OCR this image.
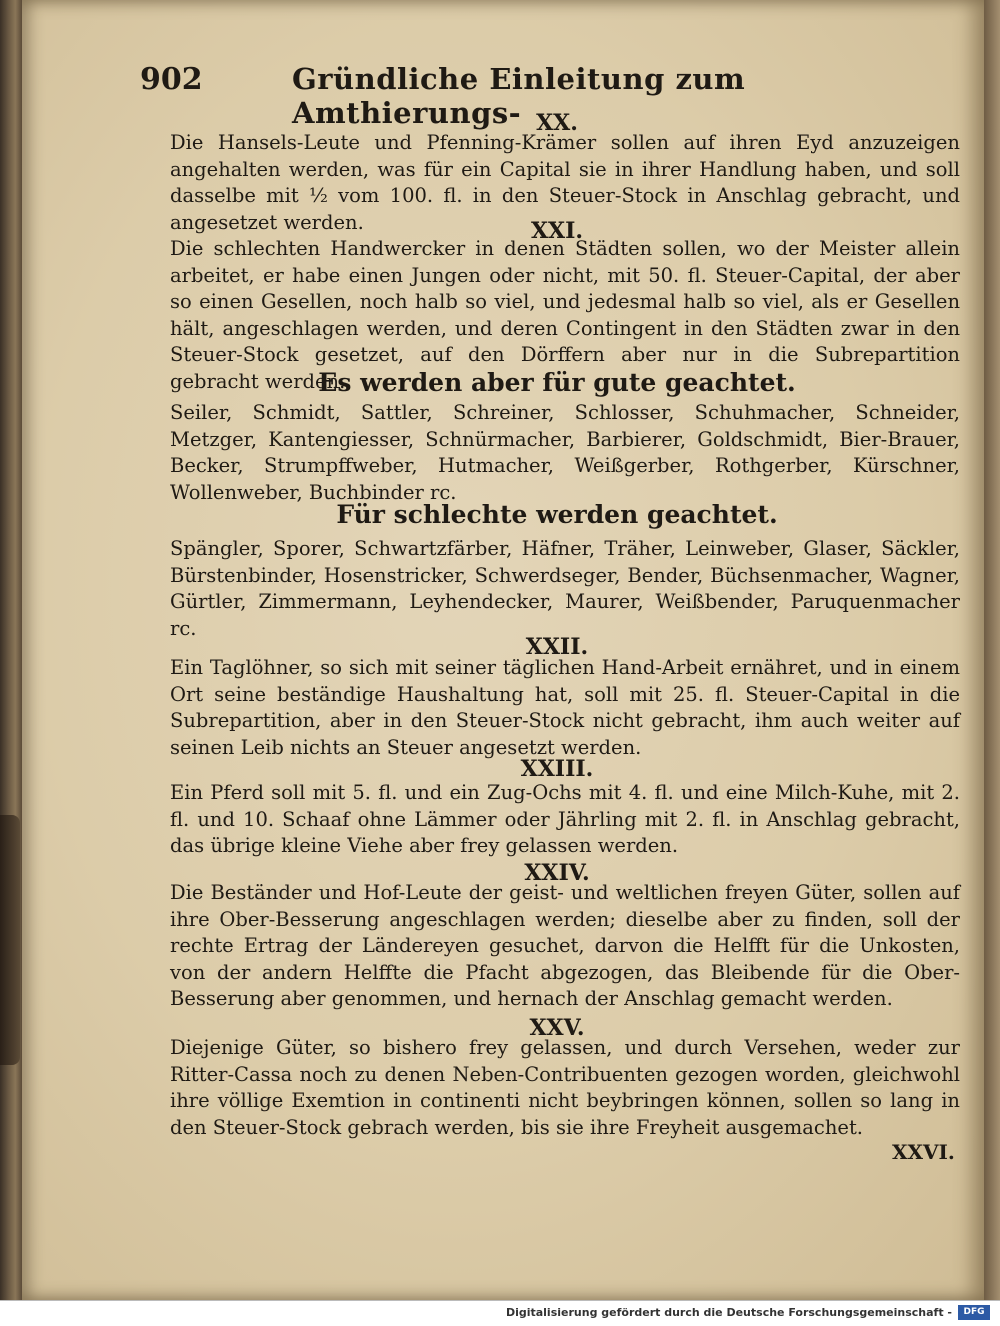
902	Gründliche Einleitung zum Amthierungs- XX.
Die Hansels-Leute und Pfenning-Krämer sollen auf ihren Eyd anzuzeigen angehalten werden, was für ein Capital sie in ihrer Handlung haben, und soll dasselbe mit ½ vom 100. fl. in den Steuer-Stock in Anschlag gebracht, und angesetzet werden.	XXI.
Die schlechten Handwercker in denen Städten sollen, wo der Meister allein arbeitet, er habe einen Jungen oder nicht, mit 50. fl. Steuer-Capital, der aber so einen Gesellen, noch halb so viel, und jedesmal halb so viel, als er Gesellen hält, angeschlagen werden, und deren Contingent in den Städten zwar in den Steuer-Stock gesetzet, auf den Dörffern aber nur in die Subrepartition gebracht werden.
Es werden aber für gute geachtet.
Seiler, Schmidt, Sattler, Schreiner, Schlosser, Schuhmacher, Schneider, Metzger, Kantengiesser, Schnürmacher, Barbierer, Goldschmidt, Bier-Brauer, Becker, Strumpffweber, Hutmacher, Weißgerber, Rothgerber, Kürschner, Wollenweber, Buchbinder rc.
Für schlechte werden geachtet.
Spängler, Sporer, Schwartzfärber, Häfner, Träher, Leinweber, Glaser, Säckler, Bürstenbinder, Hosenstricker, Schwerdseger, Bender, Büchsenmacher, Wagner, Gürtler, Zimmermann, Leyhendecker, Maurer, Weißbender, Paruquenmacher rc.
XXII.
Ein Taglöhner, so sich mit seiner täglichen Hand-Arbeit ernähret, und in einem Ort seine beständige Haushaltung hat, soll mit 25. fl. Steuer-Capital in die Subrepartition, aber in den Steuer-Stock nicht gebracht, ihm auch weiter auf seinen Leib nichts an Steuer angesetzt werden.
XXIII.
Ein Pferd soll mit 5. fl. und ein Zug-Ochs mit 4. fl. und eine Milch-Kuhe, mit 2. fl. und 10. Schaaf ohne Lämmer oder Jährling mit 2. fl. in Anschlag gebracht, das übrige kleine Viehe aber frey gelassen werden.
XXIV.
Die Beständer und Hof-Leute der geist- und weltlichen freyen Güter, sollen auf ihre Ober-Besserung angeschlagen werden; dieselbe aber zu finden, soll der rechte Ertrag der Ländereyen gesuchet, darvon die Helfft für die Unkosten, von der andern Helffte die Pfacht abgezogen, das Bleibende für die Ober-Besserung aber genommen, und hernach der Anschlag gemacht werden.
XXV.
Diejenige Güter, so bishero frey gelassen, und durch Versehen, weder zur Ritter-Cassa noch zu denen Neben-Contribuenten gezogen worden, gleichwohl ihre völlige Exemtion in continenti nicht beybringen können, sollen so lang in den Steuer-Stock gebrach werden, bis sie ihre Freyheit ausgemachet.
XXVI.
Digitalisierung gefördert durch die Deutsche Forschungsgemeinschaft -	DFG
